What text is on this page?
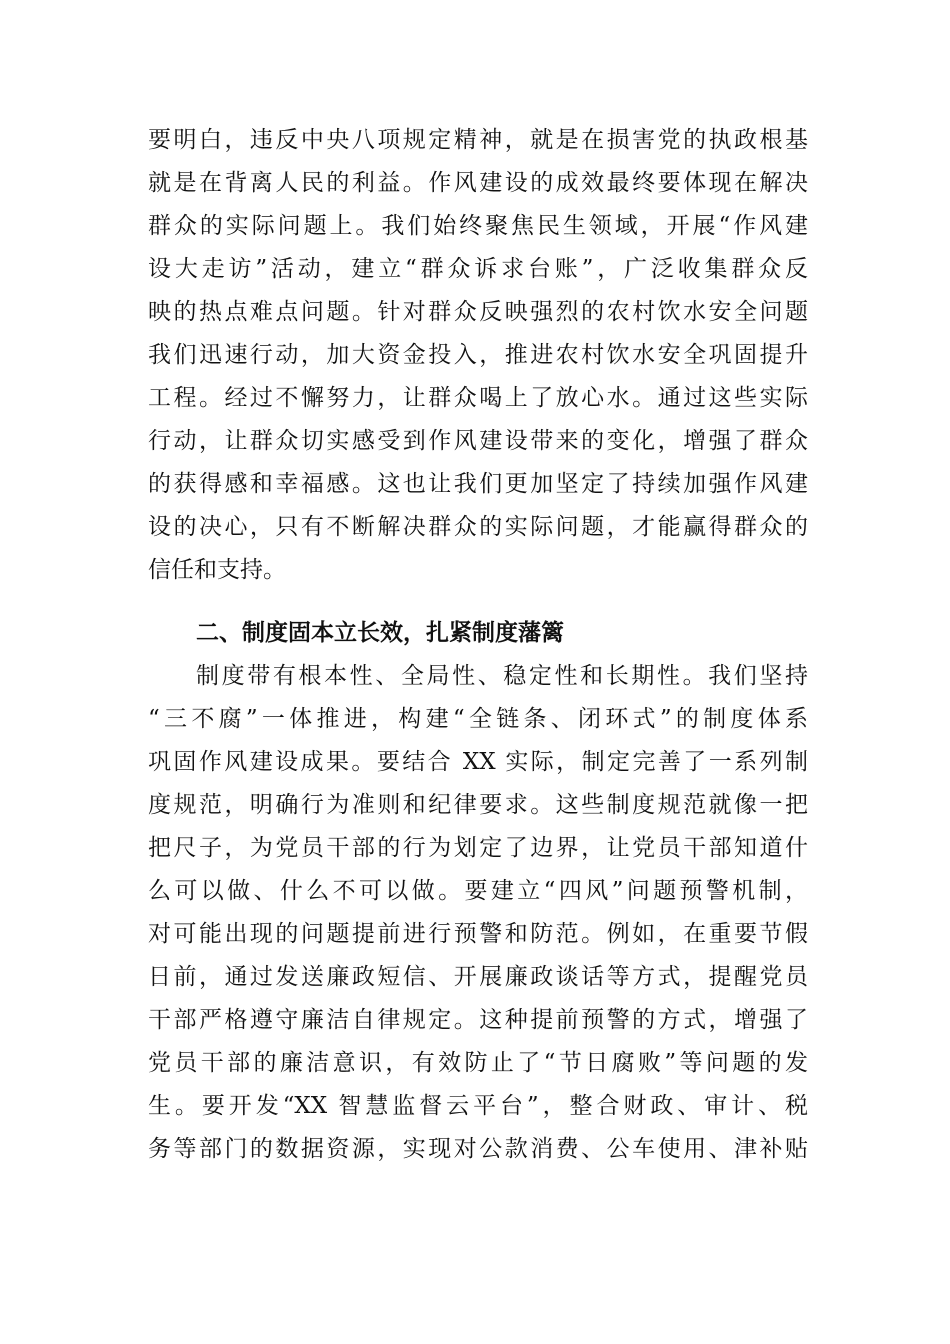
要明白，违反中央八项规定精神，就是在损害党的执政根基
就是在背离人民的利益。作风建设的成效最终要体现在解决
群众的实际问题上。我们始终聚焦民生领域，开展“作风建
设大走访”活动，建立“群众诉求台账”，广泛收集群众反
映的热点难点问题。针对群众反映强烈的农村饮水安全问题
我们迅速行动，加大资金投入，推进农村饮水安全巩固提升
工程。经过不懈努力，让群众喝上了放心水。通过这些实际
行动，让群众切实感受到作风建设带来的变化，增强了群众
的获得感和幸福感。这也让我们更加坚定了持续加强作风建
设的决心，只有不断解决群众的实际问题，才能赢得群众的
信任和支持。
二、制度固本立长效，扎紧制度藩篱
制度带有根本性、全局性、稳定性和长期性。我们坚持
“三不腐”一体推进，构建“全链条、闭环式”的制度体系
巩固作风建设成果。要结合 XX 实际，制定完善了一系列制
度规范，明确行为准则和纪律要求。这些制度规范就像一把
把尺子，为党员干部的行为划定了边界，让党员干部知道什
么可以做、什么不可以做。要建立“四风”问题预警机制，
对可能出现的问题提前进行预警和防范。例如，在重要节假
日前，通过发送廉政短信、开展廉政谈话等方式，提醒党员
干部严格遵守廉洁自律规定。这种提前预警的方式，增强了
党员干部的廉洁意识，有效防止了“节日腐败”等问题的发
生。要开发“XX 智慧监督云平台”，整合财政、审计、税
务等部门的数据资源，实现对公款消费、公车使用、津补贴
